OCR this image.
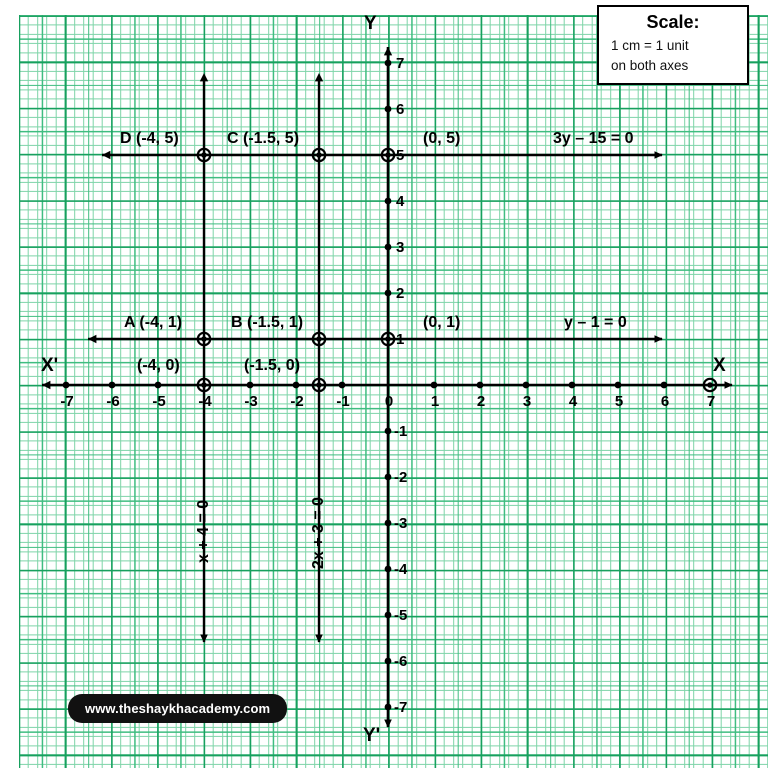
X'	X
Y
Y'
-7 -6 -5 -4 -3 -2 -1	1	2	3	4	5	6	7
0
1
2
3
4
5
6
7
-1
-2
-3
-4
-5
-6
-7
D (-4, 5)	C (-1.5, 5)	(0, 5)
A (-4, 1)	B (-1.5, 1)	(0, 1)
(-4, 0)	(-1.5, 0)
3y – 15 = 0
y – 1 = 0
x + 4 = 0	2x + 3 = 0
Scale:
1 cm = 1 unit
on both axes
www.theshaykhacademy.com
